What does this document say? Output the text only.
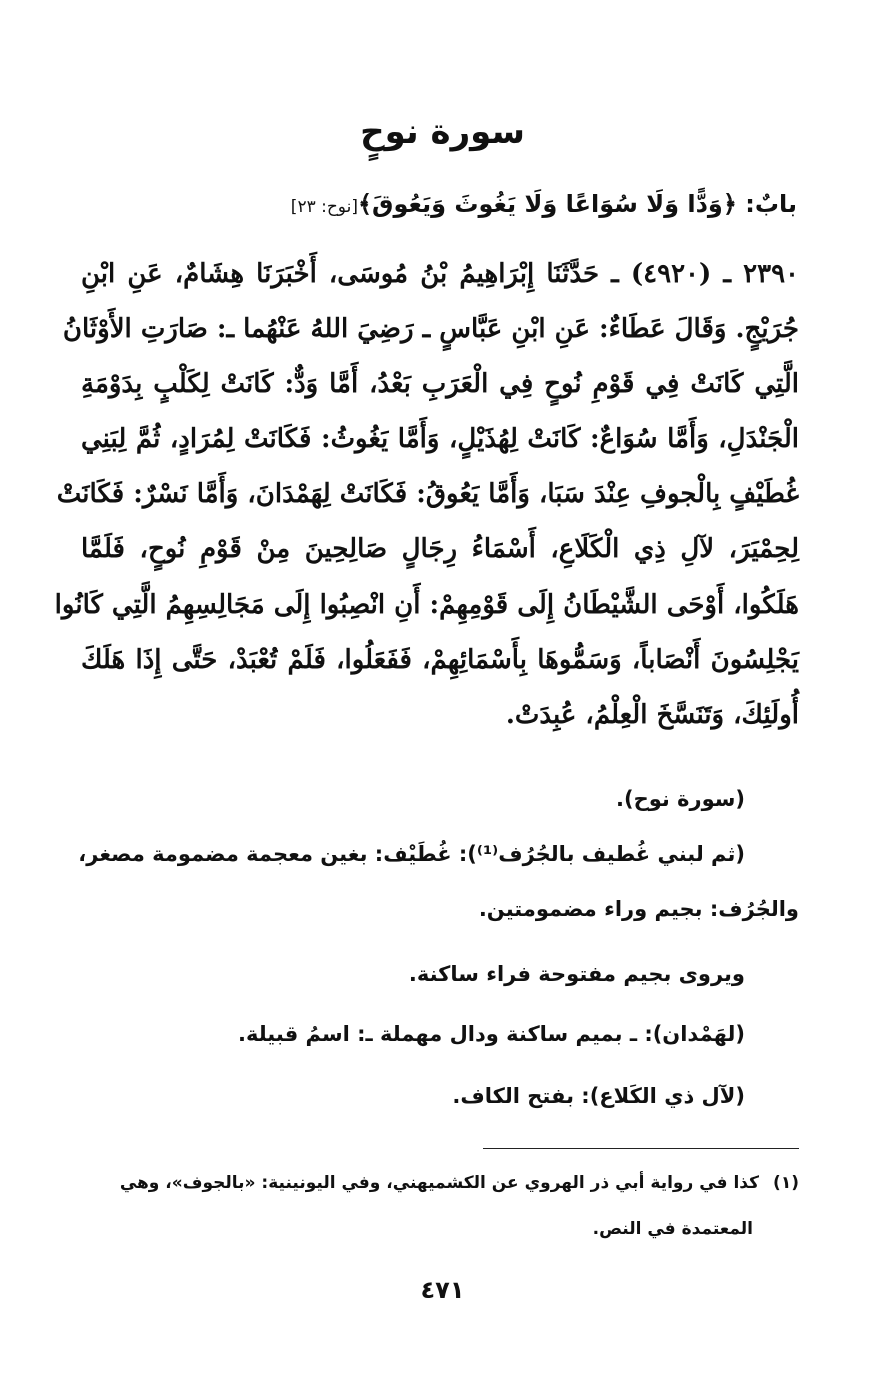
سورة نوحٍ
بابٌ: ﴿وَدًّا وَلَا سُوَاعًا وَلَا يَغُوثَ وَيَعُوقَ﴾[نوح: ٢٣]
٢٣٩٠ ـ (٤٩٢٠) ـ حَدَّثَنَا إِبْرَاهِيمُ بْنُ مُوسَى، أَخْبَرَنَا هِشَامٌ، عَنِ ابْنِ
جُرَيْجٍ. وَقَالَ عَطَاءٌ: عَنِ ابْنِ عَبَّاسٍ ـ رَضِيَ اللهُ عَنْهُما ـ: صَارَتِ الأَوْثَانُ
الَّتِي كَانَتْ فِي قَوْمِ نُوحٍ فِي الْعَرَبِ بَعْدُ، أَمَّا وَدٌّ: كَانَتْ لِكَلْبٍ بِدَوْمَةِ
الْجَنْدَلِ، وَأَمَّا سُوَاعٌ: كَانَتْ لِهُذَيْلٍ، وَأَمَّا يَغُوثُ: فَكَانَتْ لِمُرَادٍ، ثُمَّ لِبَنِي
غُطَيْفٍ بِالْجوفِ عِنْدَ سَبَا، وَأَمَّا يَعُوقُ: فَكَانَتْ لِهَمْدَانَ، وَأَمَّا نَسْرٌ: فَكَانَتْ
لِحِمْيَرَ، لآلِ ذِي الْكَلَاعِ، أَسْمَاءُ رِجَالٍ صَالِحِينَ مِنْ قَوْمِ نُوحٍ، فَلَمَّا
هَلَكُوا، أَوْحَى الشَّيْطَانُ إِلَى قَوْمِهِمْ: أَنِ انْصِبُوا إِلَى مَجَالِسِهِمُ الَّتِي كَانُوا
يَجْلِسُونَ أَنْصَاباً، وَسَمُّوهَا بِأَسْمَائِهِمْ، فَفَعَلُوا، فَلَمْ تُعْبَدْ، حَتَّى إِذَا هَلَكَ
أُولَئِكَ، وَتَنَسَّخَ الْعِلْمُ، عُبِدَتْ.
(سورة نوح).
(ثم لبني غُطيف بالجُرُف⁽¹⁾): غُطَيْف: بغين معجمة مضمومة مصغر،
والجُرُف: بجيم وراء مضمومتين.
ويروى بجيم مفتوحة فراء ساكنة.
(لهَمْدان): ـ بميم ساكنة ودال مهملة ـ: اسمُ قبيلة.
(لآل ذي الكَلاع): بفتح الكاف.
(١)كذا في رواية أبي ذر الهروي عن الكشميهني، وفي اليونينية: «بالجوف»، وهي
المعتمدة في النص.
٤٧١
